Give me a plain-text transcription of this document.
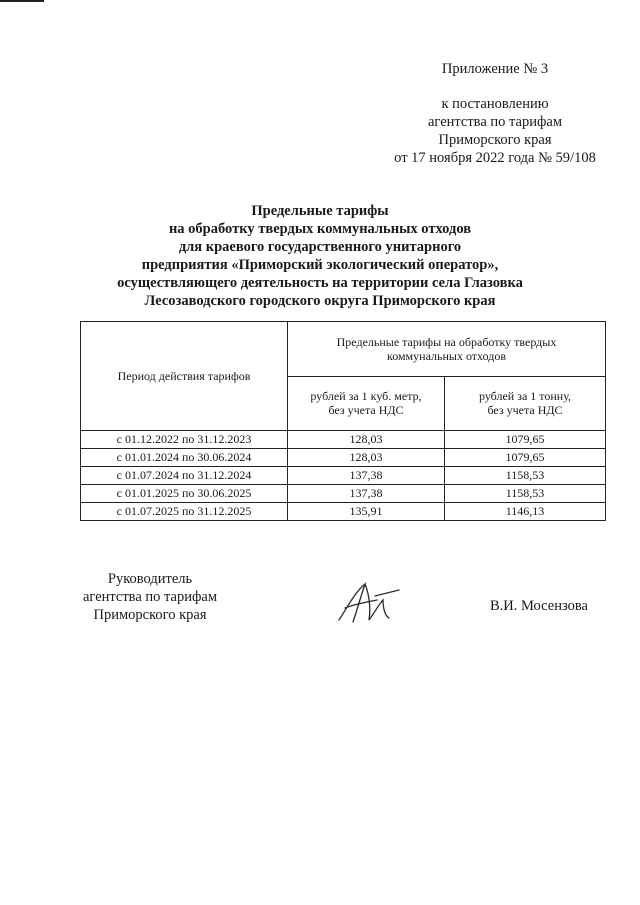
Приложение № 3
к постановлению
агентства по тарифам
Приморского края
от 17 ноября 2022 года № 59/108
Предельные тарифы
на обработку твердых коммунальных отходов
для краевого государственного унитарного
предприятия «Приморский экологический оператор»,
осуществляющего деятельность на территории села Глазовка
Лесозаводского городского округа Приморского края
Период действия тарифов	Предельные тарифы на обработку твердых
коммунальных отходов	
	рублей за 1 куб. метр,
без учета НДС	рублей за 1 тонну,
без учета НДС
с 01.12.2022 по 31.12.2023	128,03	1079,65
с 01.01.2024 по 30.06.2024	128,03	1079,65
с 01.07.2024 по 31.12.2024	137,38	1158,53
с 01.01.2025 по 30.06.2025	137,38	1158,53
с 01.07.2025 по 31.12.2025	135,91	1146,13
Руководитель
агентства по тарифам
Приморского края
В.И. Мосензова
